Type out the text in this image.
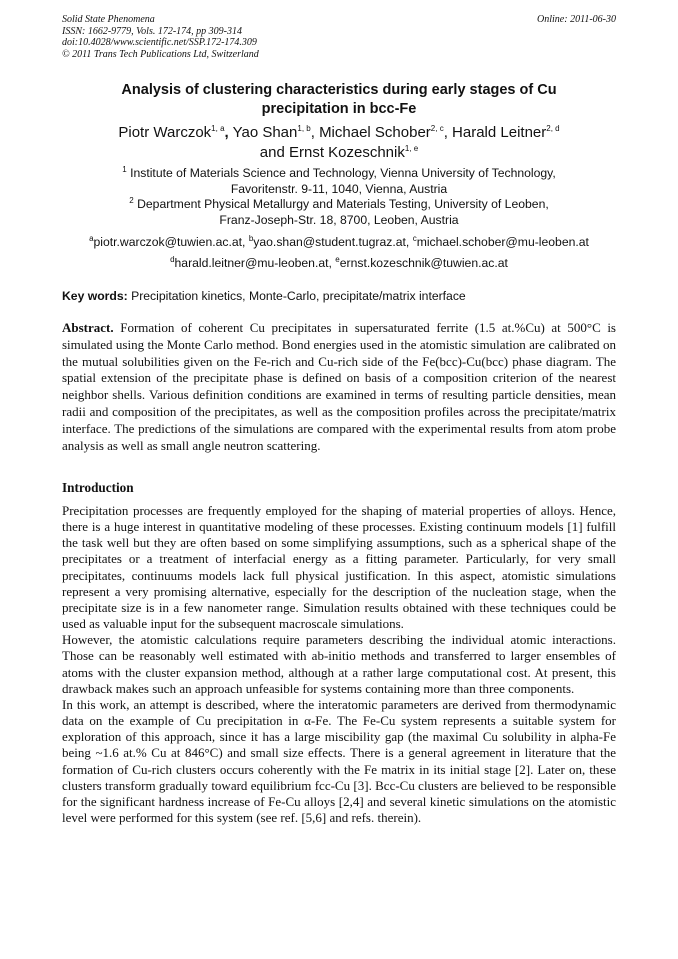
Solid State Phenomena
ISSN: 1662-9779, Vols. 172-174, pp 309-314
doi:10.4028/www.scientific.net/SSP.172-174.309
© 2011 Trans Tech Publications Ltd, Switzerland
Online: 2011-06-30
Analysis of clustering characteristics during early stages of Cu
precipitation in bcc-Fe
Piotr Warczok$^{1, a}$, Yao Shan$^{1, b}$, Michael Schober$^{2, c}$, Harald Leitner$^{2, d}$
and Ernst Kozeschnik$^{1, e}$
$^1$ Institute of Materials Science and Technology, Vienna University of Technology,
Favoritenstr. 9-11, 1040, Vienna, Austria
$^2$ Department Physical Metallurgy and Materials Testing, University of Leoben,
Franz-Joseph-Str. 18, 8700, Leoben, Austria
$^a$piotr.warczok@tuwien.ac.at, $^b$yao.shan@student.tugraz.at, $^c$michael.schober@mu-leoben.at
$^d$harald.leitner@mu-leoben.at, $^e$ernst.kozeschnik@tuwien.ac.at
Key words: Precipitation kinetics, Monte-Carlo, precipitate/matrix interface
Abstract. Formation of coherent Cu precipitates in supersaturated ferrite (1.5 at.%Cu) at 500°C is simulated using the Monte Carlo method. Bond energies used in the atomistic simulation are calibrated on the mutual solubilities given on the Fe-rich and Cu-rich side of the Fe(bcc)-Cu(bcc) phase diagram. The spatial extension of the precipitate phase is defined on basis of a composition criterion of the nearest neighbor shells. Various definition conditions are examined in terms of resulting particle densities, mean radii and composition of the precipitates, as well as the composition profiles across the precipitate/matrix interface. The predictions of the simulations are compared with the experimental results from atom probe analysis as well as small angle neutron scattering.
Introduction

Precipitation processes are frequently employed for the shaping of material properties of alloys. Hence, there is a huge interest in quantitative modeling of these processes. Existing continuum models [1] fulfill the task well but they are often based on some simplifying assumptions, such as a spherical shape of the precipitates or a treatment of interfacial energy as a fitting parameter. Particularly, for very small precipitates, continuums models lack full physical justification. In this aspect, atomistic simulations represent a very promising alternative, especially for the description of the nucleation stage, when the precipitate size is in a few nanometer range. Simulation results obtained with these techniques could be used as valuable input for the subsequent macroscale simulations.

However, the atomistic calculations require parameters describing the individual atomic interactions. Those can be reasonably well estimated with ab-initio methods and transferred to larger ensembles of atoms with the cluster expansion method, although at a rather large computational cost. At present, this drawback makes such an approach unfeasible for systems containing more than three components.

In this work, an attempt is described, where the interatomic parameters are derived from thermodynamic data on the example of Cu precipitation in α-Fe. The Fe-Cu system represents a suitable system for exploration of this approach, since it has a large miscibility gap (the maximal Cu solubility in alpha-Fe being ~1.6 at.% Cu at 846°C) and small size effects. There is a general agreement in literature that the formation of Cu-rich clusters occurs coherently with the Fe matrix in its initial stage [2]. Later on, these clusters transform gradually toward equilibrium fcc-Cu [3]. Bcc-Cu clusters are believed to be responsible for the significant hardness increase of Fe-Cu alloys [2,4] and several kinetic simulations on the atomistic level were performed for this system (see ref. [5,6] and refs. therein).
